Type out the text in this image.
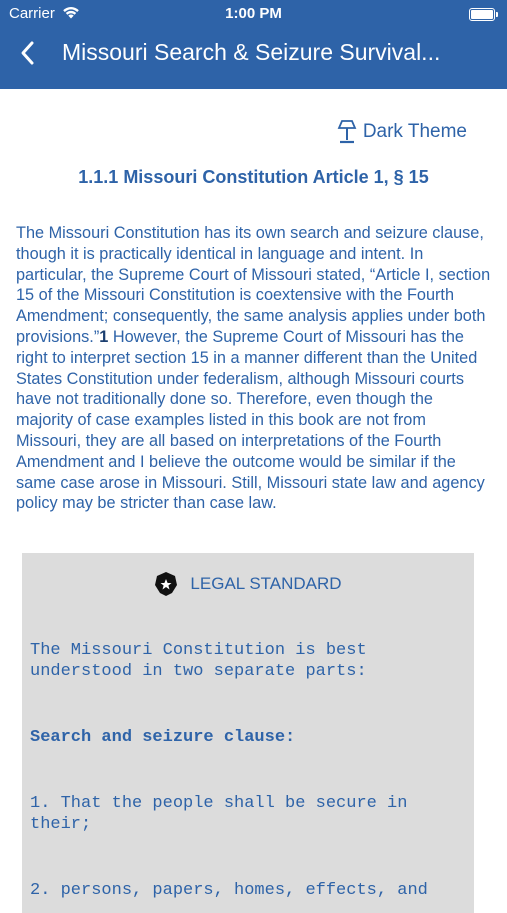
Carrier	1:00 PM
Missouri Search & Seizure Survival...
Dark Theme
1.1.1 Missouri Constitution Article 1, § 15
The Missouri Constitution has its own search and seizure clause, though it is practically identical in language and intent. In particular, the Supreme Court of Missouri stated, “Article I, section 15 of the Missouri Constitution is coextensive with the Fourth Amendment; consequently, the same analysis applies under both provisions.”1 However, the Supreme Court of Missouri has the right to interpret section 15 in a manner different than the United States Constitution under federalism, although Missouri courts have not traditionally done so. Therefore, even though the majority of case examples listed in this book are not from Missouri, they are all based on interpretations of the Fourth Amendment and I believe the outcome would be similar if the same case arose in Missouri. Still, Missouri state law and agency policy may be stricter than case law.
LEGAL STANDARD
The Missouri Constitution is best understood in two separate parts:
Search and seizure clause:
1. That the people shall be secure in their;
2. persons, papers, homes, effects, and
